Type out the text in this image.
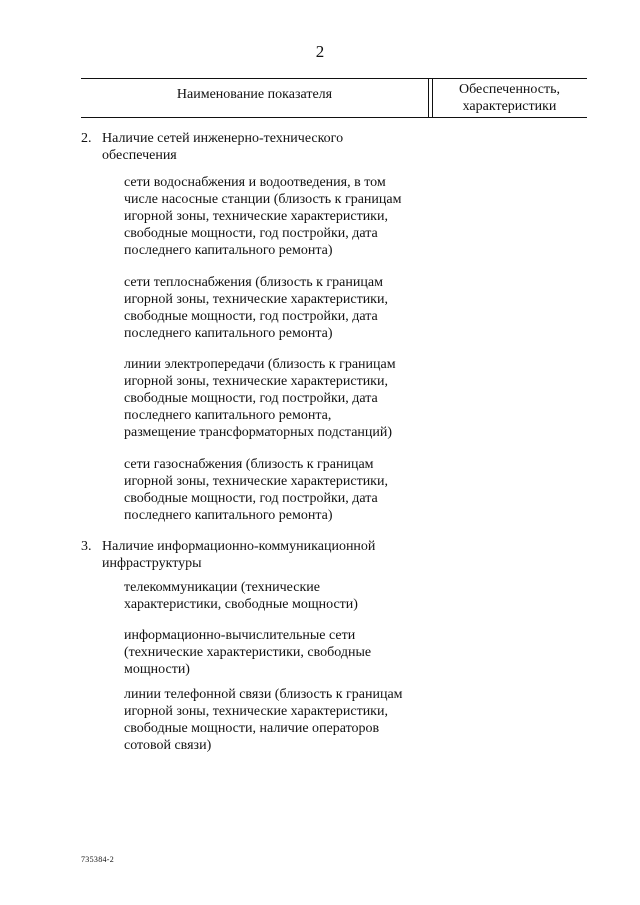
2
Наименование показателя	Обеспеченность,
характеристики
2. Наличие сетей инженерно-технического
обеспечения
сети водоснабжения и водоотведения, в том
числе насосные станции (близость к границам
игорной зоны, технические характеристики,
свободные мощности, год постройки, дата
последнего капитального ремонта)
сети теплоснабжения (близость к границам
игорной зоны, технические характеристики,
свободные мощности, год постройки, дата
последнего капитального ремонта)
линии электропередачи (близость к границам
игорной зоны, технические характеристики,
свободные мощности, год постройки, дата
последнего капитального ремонта,
размещение трансформаторных подстанций)
сети газоснабжения (близость к границам
игорной зоны, технические характеристики,
свободные мощности, год постройки, дата
последнего капитального ремонта)
3. Наличие информационно-коммуникационной
инфраструктуры
телекоммуникации (технические
характеристики, свободные мощности)
информационно-вычислительные сети
(технические характеристики, свободные
мощности)
линии телефонной связи (близость к границам
игорной зоны, технические характеристики,
свободные мощности, наличие операторов
сотовой связи)
735384-2
